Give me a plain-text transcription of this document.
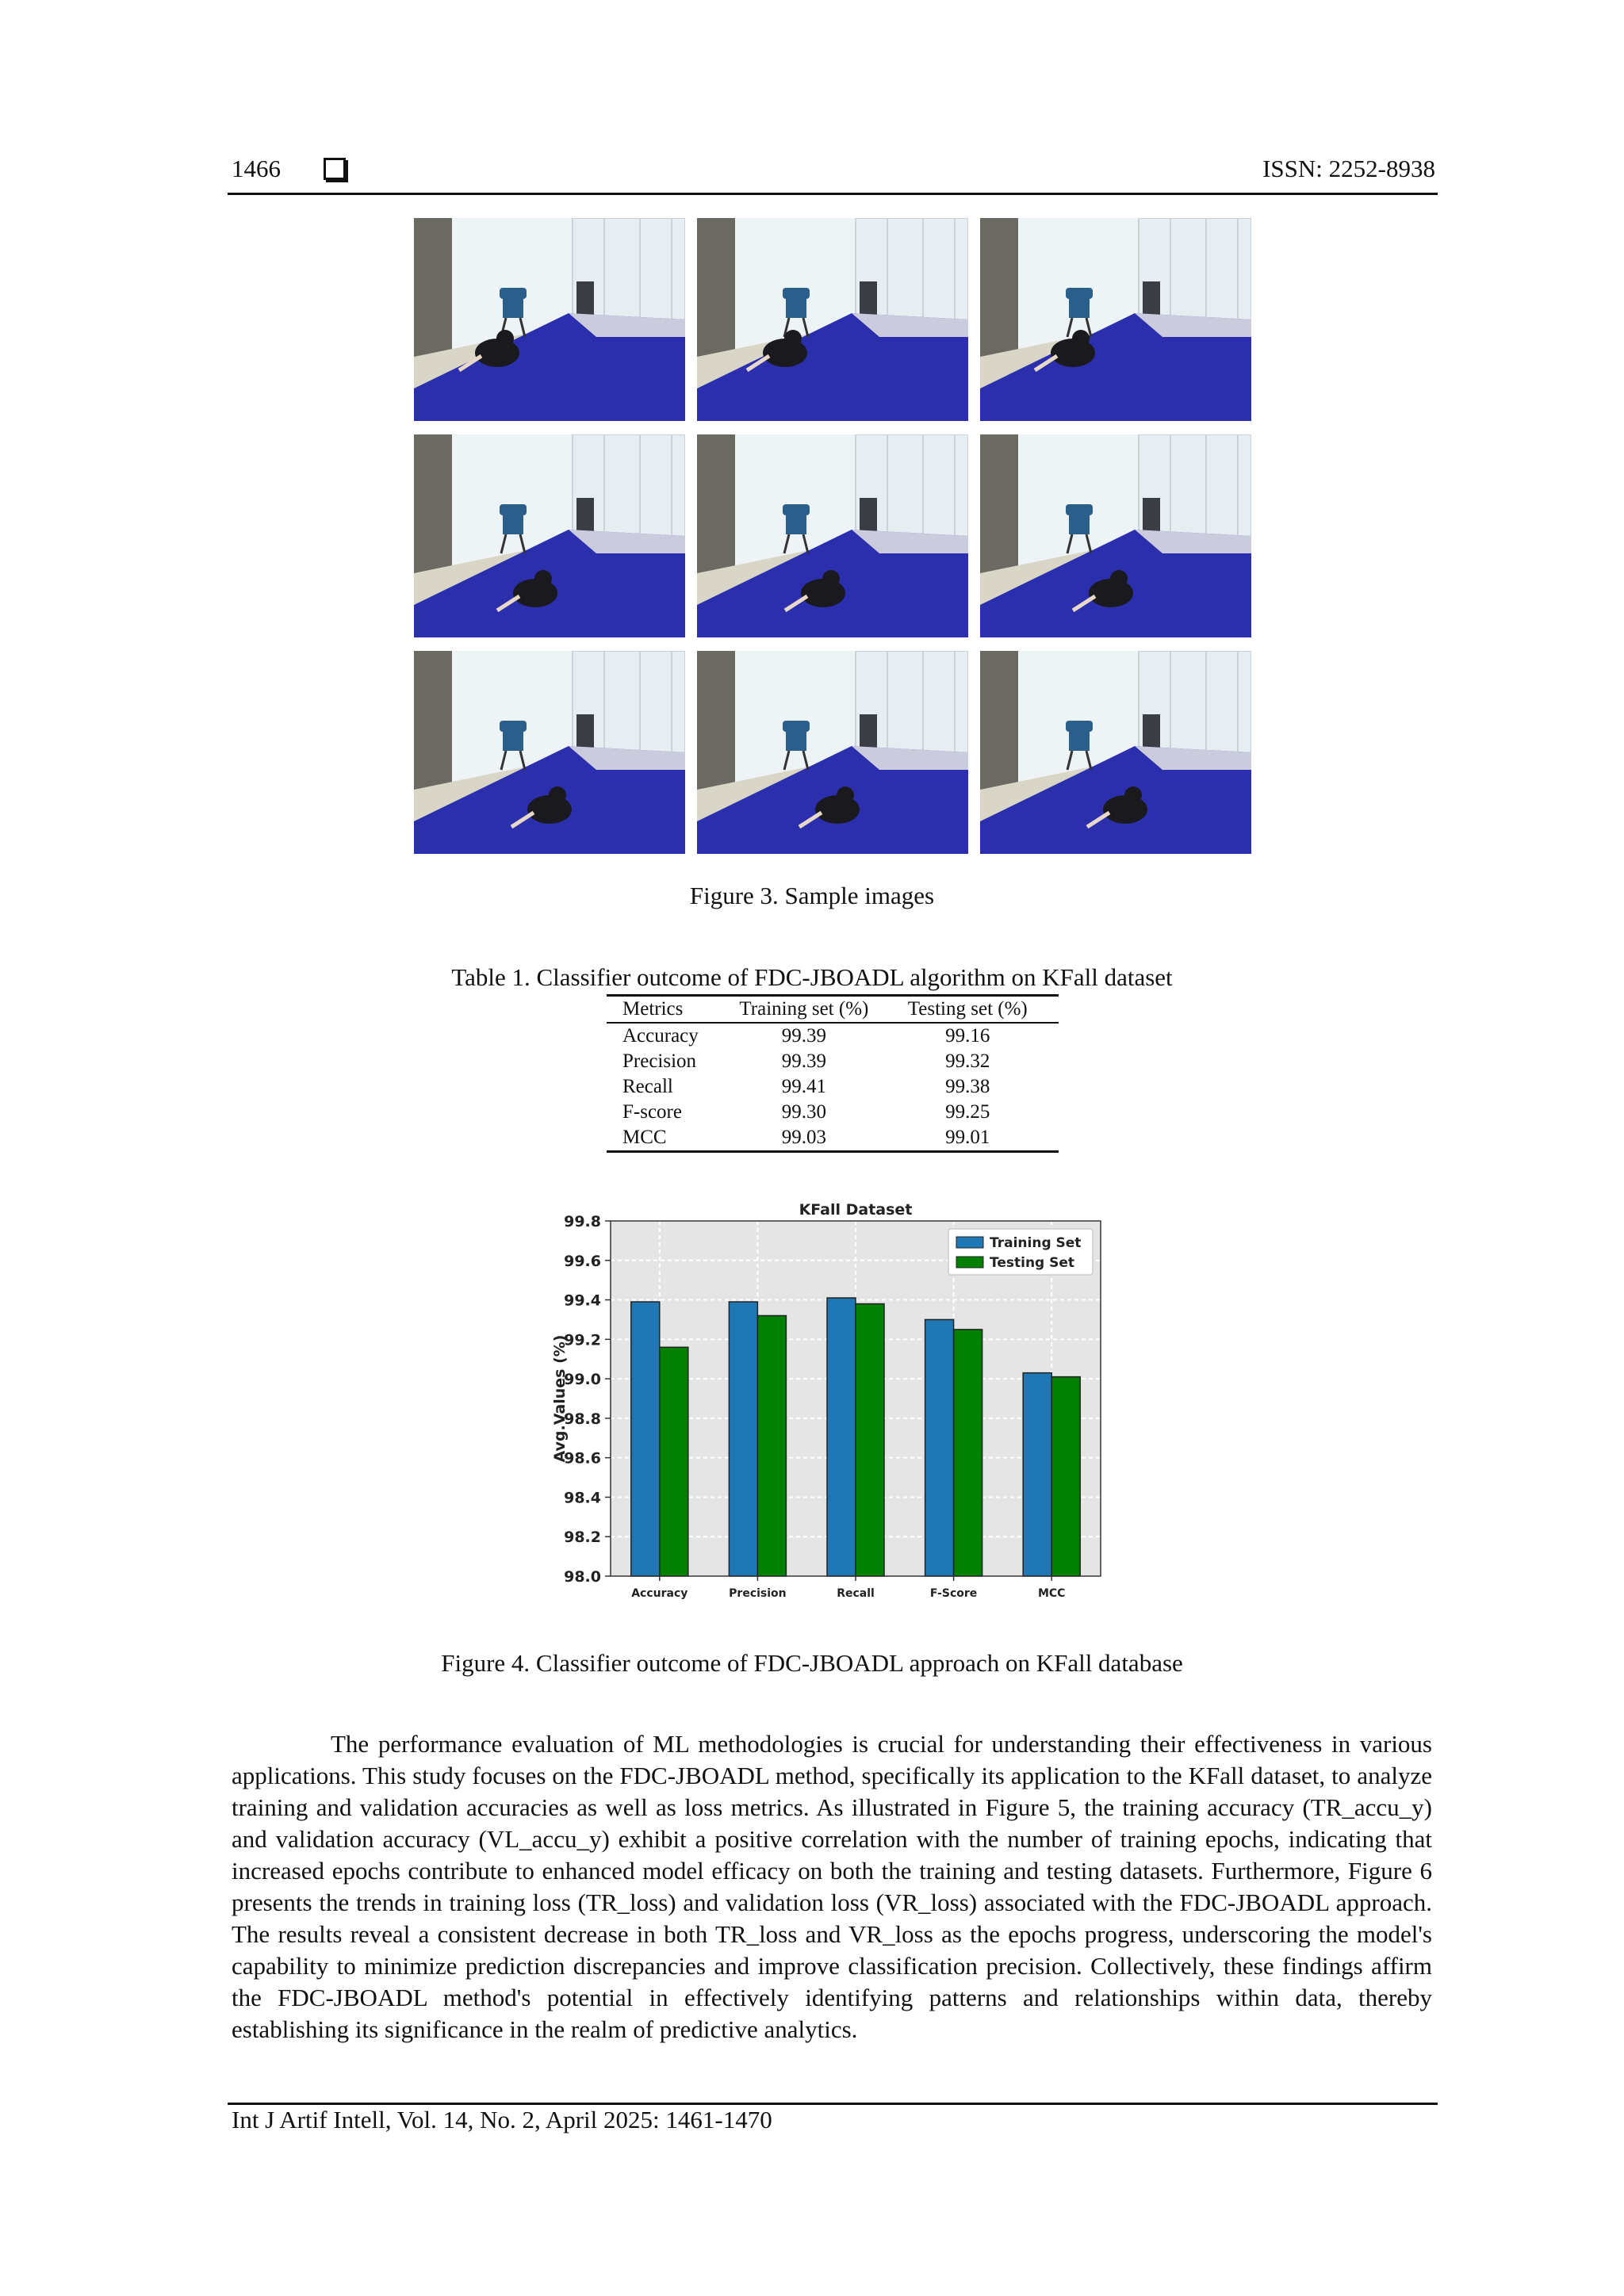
1466	ISSN: 2252-8938
Figure 3. Sample images
Table 1. Classifier outcome of FDC-JBOADL algorithm on KFall dataset
Metrics	Training set (%)	Testing set (%)
Accuracy	99.39	99.16
Precision	99.39	99.32
Recall	99.41	99.38
F-score	99.30	99.25
MCC	99.03	99.01
98.0
98.2
98.4
98.6
98.8
99.0
99.2
99.4
99.6
99.8
Accuracy	Precision	Recall	F-Score	MCC
KFall Dataset
Avg.Values (%)
Training Set
Testing Set
Figure 4. Classifier outcome of FDC-JBOADL approach on KFall database
The performance evaluation of ML methodologies is crucial for understanding their effectiveness in various applications. This study focuses on the FDC-JBOADL method, specifically its application to the KFall dataset, to analyze training and validation accuracies as well as loss metrics. As illustrated in Figure 5, the training accuracy (TR_accu_y) and validation accuracy (VL_accu_y) exhibit a positive correlation with the number of training epochs, indicating that increased epochs contribute to enhanced model efficacy on both the training and testing datasets. Furthermore, Figure 6 presents the trends in training loss (TR_loss) and validation loss (VR_loss) associated with the FDC-JBOADL approach. The results reveal a consistent decrease in both TR_loss and VR_loss as the epochs progress, underscoring the model's capability to minimize prediction discrepancies and improve classification precision. Collectively, these findings affirm the FDC-JBOADL method's potential in effectively identifying patterns and relationships within data, thereby establishing its significance in the realm of predictive analytics.
Int J Artif Intell, Vol. 14, No. 2, April 2025: 1461-1470
